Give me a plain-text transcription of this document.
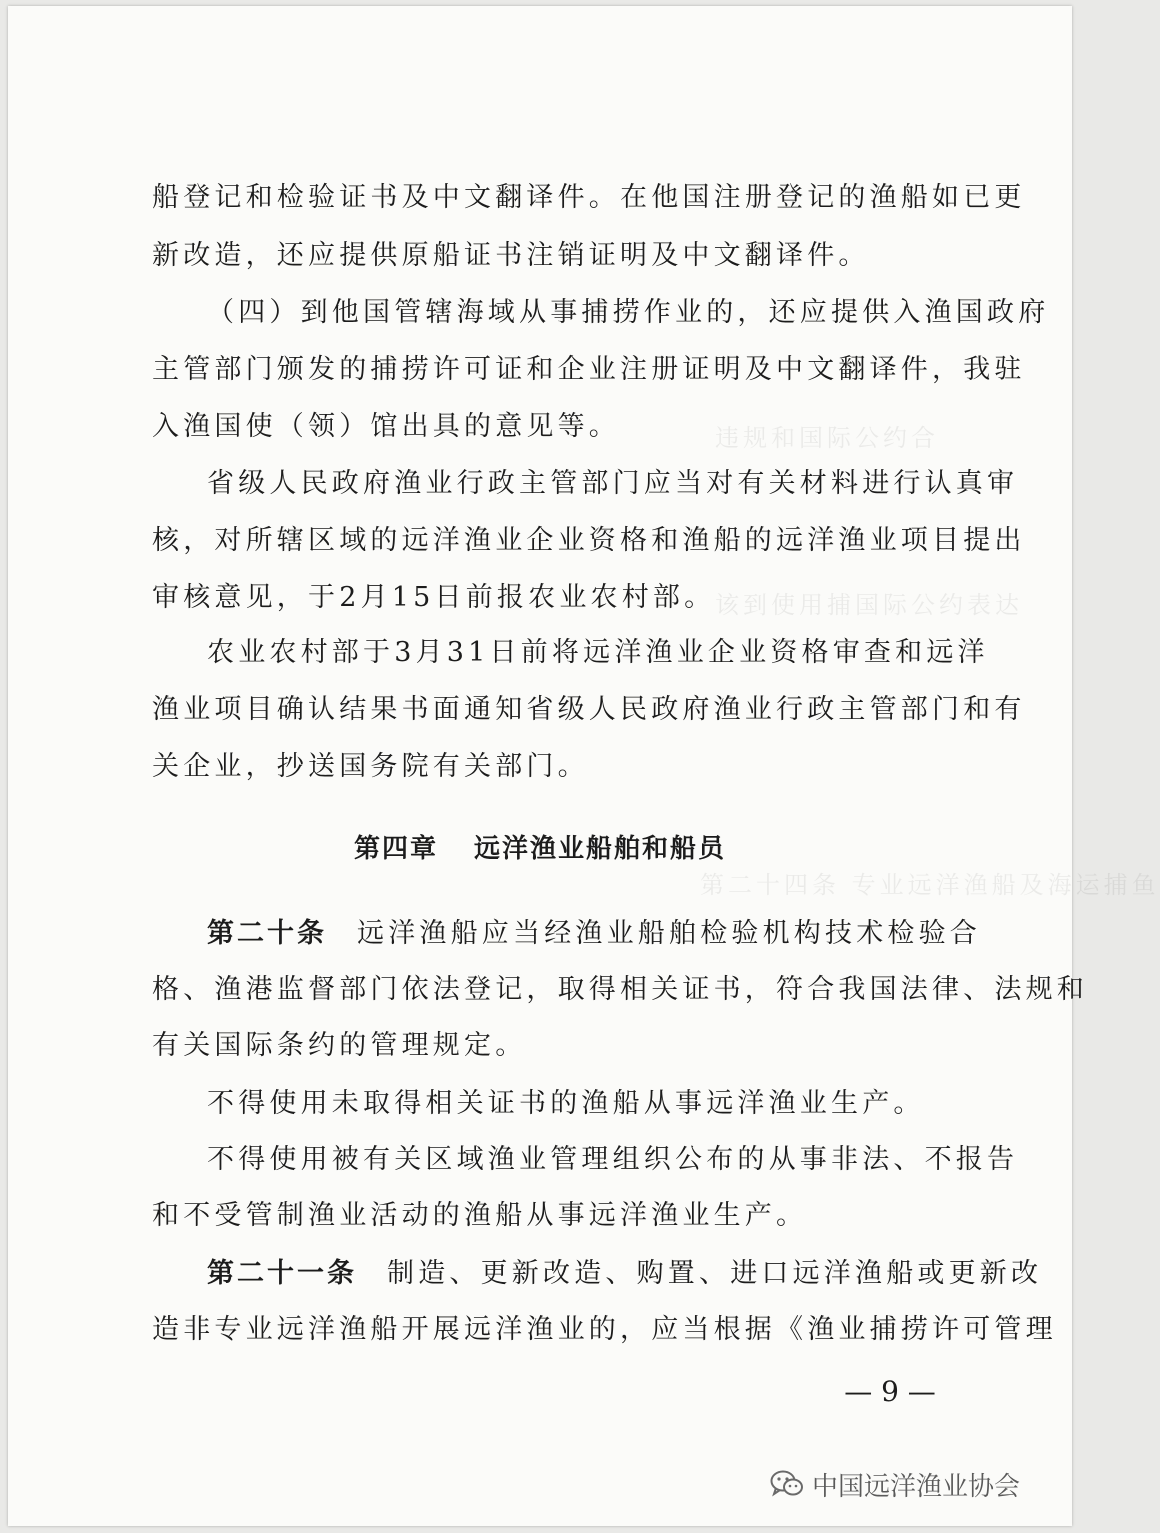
违规和国际公约合
该到使用捕国际公约表达
第二十四条 专业远洋渔船及海运捕鱼
船登记和检验证书及中文翻译件。在他国注册登记的渔船如已更
新改造，还应提供原船证书注销证明及中文翻译件。
（四）到他国管辖海域从事捕捞作业的，还应提供入渔国政府
主管部门颁发的捕捞许可证和企业注册证明及中文翻译件，我驻
入渔国使（领）馆出具的意见等。
省级人民政府渔业行政主管部门应当对有关材料进行认真审
核，对所辖区域的远洋渔业企业资格和渔船的远洋渔业项目提出
审核意见，于2月15日前报农业农村部。
农业农村部于3月31日前将远洋渔业企业资格审查和远洋
渔业项目确认结果书面通知省级人民政府渔业行政主管部门和有
关企业，抄送国务院有关部门。
第四章 远洋渔业船舶和船员
第二十条 远洋渔船应当经渔业船舶检验机构技术检验合
格、渔港监督部门依法登记，取得相关证书，符合我国法律、法规和
有关国际条约的管理规定。
不得使用未取得相关证书的渔船从事远洋渔业生产。
不得使用被有关区域渔业管理组织公布的从事非法、不报告
和不受管制渔业活动的渔船从事远洋渔业生产。
第二十一条 制造、更新改造、购置、进口远洋渔船或更新改
造非专业远洋渔船开展远洋渔业的，应当根据《渔业捕捞许可管理
— 9 —
中国远洋渔业协会
